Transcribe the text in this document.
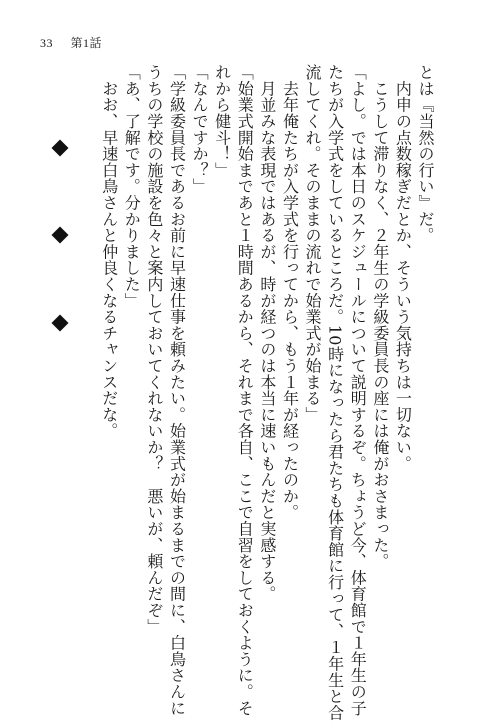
33 第1話
とは『当然の行い』だ。
　内申の点数稼ぎだとか、そういう気持ちは一切ない。
　こうして滞りなく、２年生の学級委員長の座には俺がおさまった。
「よし。では本日のスケジュールについて説明するぞ。ちょうど今、体育館で１年生の子
たちが入学式をしているところだ。10時になったら君たちも体育館に行って、１年生と合
流してくれ。そのままの流れで始業式が始まる」
　去年俺たちが入学式を行ってから、もう１年が経ったのか。
　月並みな表現ではあるが、時が経つのは本当に速いもんだと実感する。
「始業式開始まであと１時間あるから、それまで各自、ここで自習をしておくように。そ
れから健斗！」
「なんですか？」
「学級委員長であるお前に早速仕事を頼みたい。始業式が始まるまでの間に、白鳥さんに
うちの学校の施設を色々と案内しておいてくれないか？　悪いが、頼んだぞ」
「あ、了解です。分かりました」
　おお、早速白鳥さんと仲良くなるチャンスだな。
